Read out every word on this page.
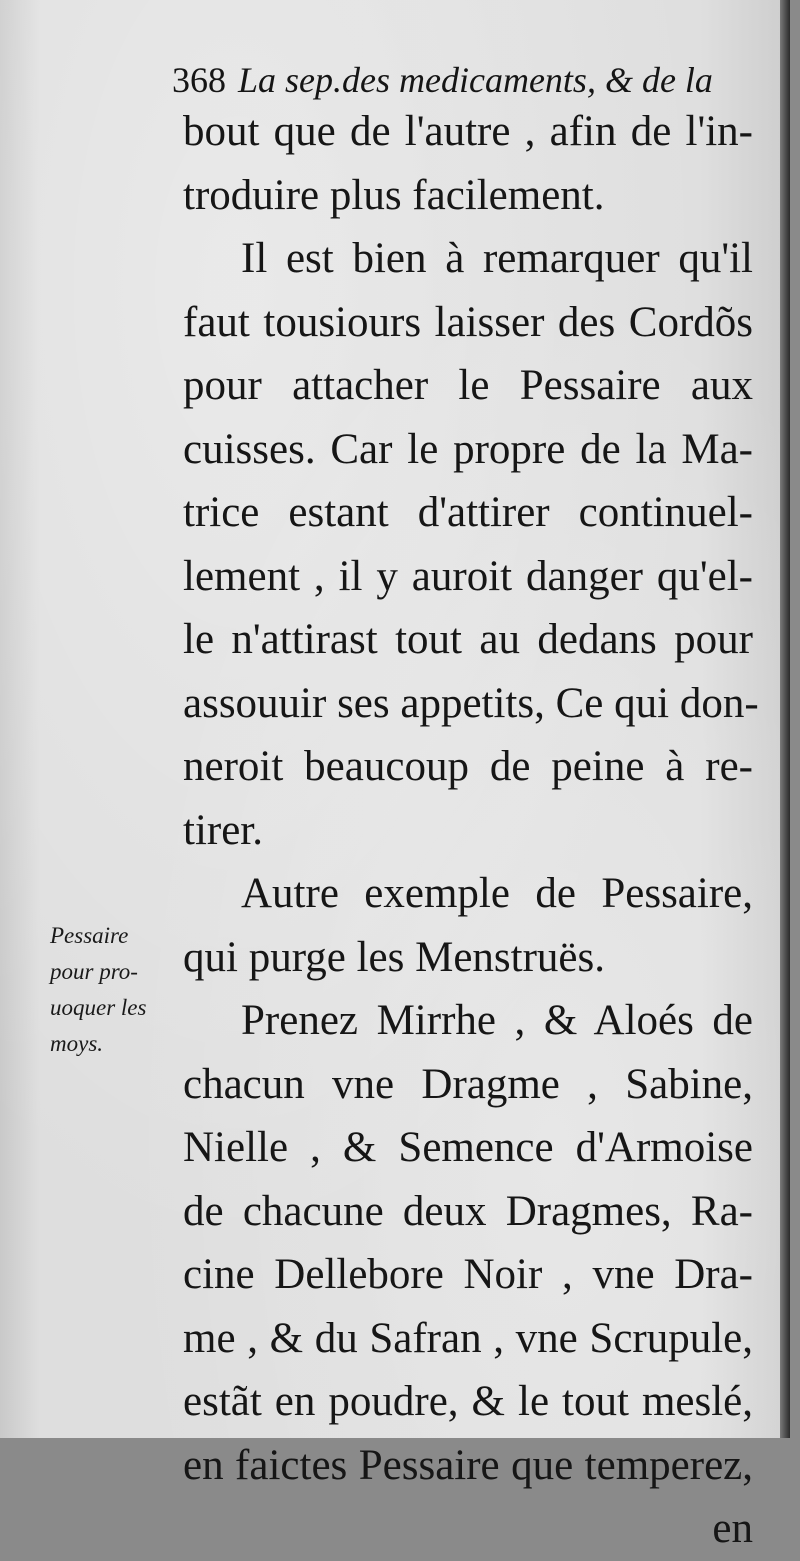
368 La sep.des medicaments, & de la
bout que de l'autre , afin de l'in-
troduire plus facilement.
Il est bien à remarquer qu'il
faut tousiours laisser des Cordõs
pour attacher le Pessaire aux
cuisses. Car le propre de la Ma-
trice estant d'attirer continuel-
lement , il y auroit danger qu'el-
le n'attirast tout au dedans pour
assouuir ses appetits, Ce qui don-
neroit beaucoup de peine à re-
tirer.
Autre exemple de Pessaire,
qui purge les Menstruës.
Prenez Mirrhe , & Aloés de
chacun vne Dragme , Sabine,
Nielle , & Semence d'Armoise
de chacune deux Dragmes, Ra-
cine Dellebore Noir , vne Dra-
me , & du Safran , vne Scrupule,
estãt en poudre, & le tout meslé,
en faictes Pessaire que temperez,
en
Pessaire
pour pro-
uoquer les
moys.
